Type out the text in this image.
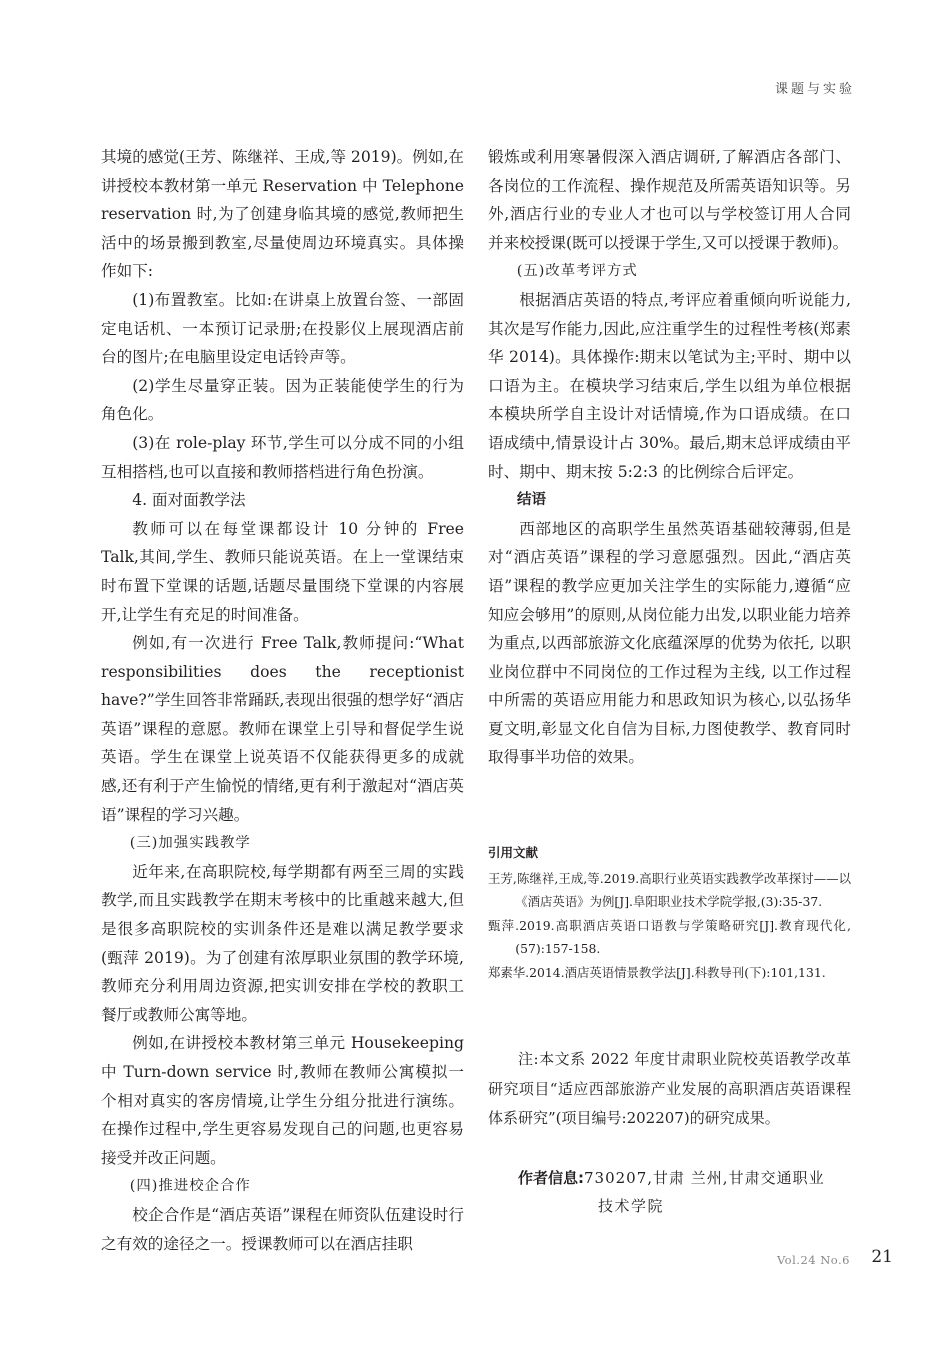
课题与实验

其境的感觉(王芳、陈继祥、王成,等 2019)。例如,在讲授校本教材第一单元 Reservation 中 Telephone reservation 时,为了创建身临其境的感觉,教师把生活中的场景搬到教室,尽量使周边环境真实。具体操作如下:

(1)布置教室。比如:在讲桌上放置台签、一部固定电话机、一本预订记录册;在投影仪上展现酒店前台的图片;在电脑里设定电话铃声等。

(2)学生尽量穿正装。因为正装能使学生的行为角色化。

(3)在 role-play 环节,学生可以分成不同的小组互相搭档,也可以直接和教师搭档进行角色扮演。

4. 面对面教学法

教师可以在每堂课都设计 10 分钟的 Free Talk,其间,学生、教师只能说英语。在上一堂课结束时布置下堂课的话题,话题尽量围绕下堂课的内容展开,让学生有充足的时间准备。

例如,有一次进行 Free Talk,教师提问:“What responsibilities does the receptionist have?”学生回答非常踊跃,表现出很强的想学好“酒店英语”课程的意愿。教师在课堂上引导和督促学生说英语。学生在课堂上说英语不仅能获得更多的成就感,还有利于产生愉悦的情绪,更有利于激起对“酒店英语”课程的学习兴趣。

(三)加强实践教学

近年来,在高职院校,每学期都有两至三周的实践教学,而且实践教学在期末考核中的比重越来越大,但是很多高职院校的实训条件还是难以满足教学要求(甄萍 2019)。为了创建有浓厚职业氛围的教学环境,教师充分利用周边资源,把实训安排在学校的教职工餐厅或教师公寓等地。

例如,在讲授校本教材第三单元 Housekeeping 中 Turn-down service 时,教师在教师公寓模拟一个相对真实的客房情境,让学生分组分批进行演练。在操作过程中,学生更容易发现自己的问题,也更容易接受并改正问题。

(四)推进校企合作

校企合作是“酒店英语”课程在师资队伍建设时行之有效的途径之一。授课教师可以在酒店挂职

锻炼或利用寒暑假深入酒店调研,了解酒店各部门、各岗位的工作流程、操作规范及所需英语知识等。另外,酒店行业的专业人才也可以与学校签订用人合同并来校授课(既可以授课于学生,又可以授课于教师)。

(五)改革考评方式

根据酒店英语的特点,考评应着重倾向听说能力,其次是写作能力,因此,应注重学生的过程性考核(郑素华 2014)。具体操作:期末以笔试为主;平时、期中以口语为主。在模块学习结束后,学生以组为单位根据本模块所学自主设计对话情境,作为口语成绩。在口语成绩中,情景设计占 30%。最后,期末总评成绩由平时、期中、期末按 5:2:3 的比例综合后评定。

结语

西部地区的高职学生虽然英语基础较薄弱,但是对“酒店英语”课程的学习意愿强烈。因此,“酒店英语”课程的教学应更加关注学生的实际能力,遵循“应知应会够用”的原则,从岗位能力出发,以职业能力培养为重点,以西部旅游文化底蕴深厚的优势为依托, 以职业岗位群中不同岗位的工作过程为主线, 以工作过程中所需的英语应用能力和思政知识为核心,以弘扬华夏文明,彰显文化自信为目标,力图使教学、教育同时取得事半功倍的效果。

引用文献

王芳,陈继祥,王成,等.2019.高职行业英语实践教学改革探讨——以《酒店英语》为例[J].阜阳职业技术学院学报,(3):35-37.

甄萍.2019.高职酒店英语口语教与学策略研究[J].教育现代化,(57):157-158.

郑素华.2014.酒店英语情景教学法[J].科教导刊(下):101,131.

注:本文系 2022 年度甘肃职业院校英语教学改革研究项目“适应西部旅游产业发展的高职酒店英语课程体系研究”(项目编号:202207)的研究成果。

作者信息:730207,甘肃 兰州,甘肃交通职业
技术学院
Vol.24 No.6 21
